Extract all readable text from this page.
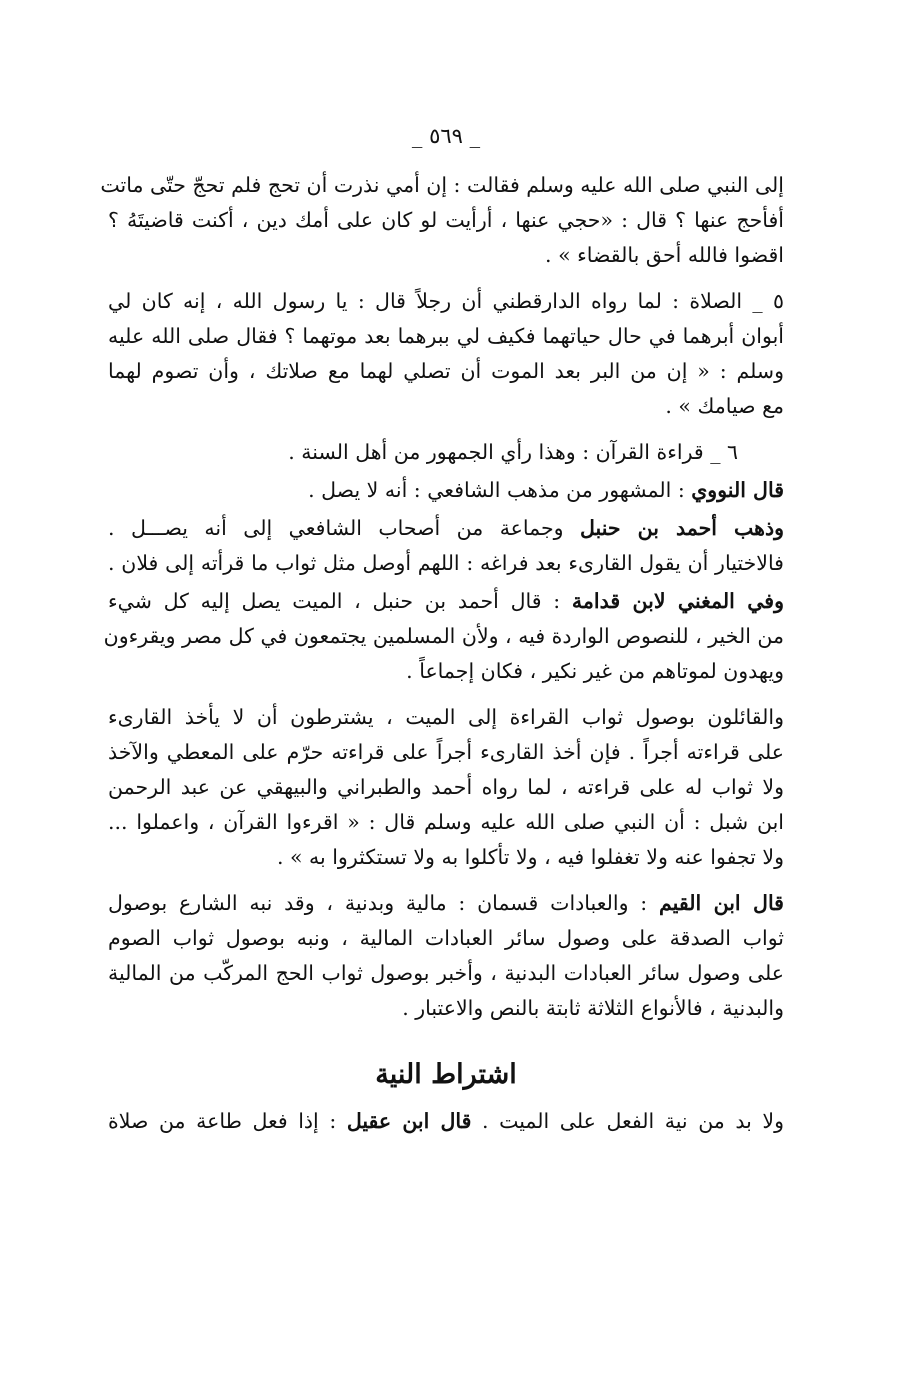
_ ٥٦٩ _
إلى النبي صلى الله عليه وسلم فقالت : إن أمي نذرت أن تحج فلم تحجّ حتّى ماتت
أفأحج عنها ؟ قال : «حجي عنها ، أرأيت لو كان على أمك دين ، أكنت قاضيتَهُ ؟
اقضوا فالله أحق بالقضاء » .
٥ _ الصلاة : لما رواه الدارقطني أن رجلاً قال : يا رسول الله ، إنه كان لي
أبوان أبرهما في حال حياتهما فكيف لي ببرهما بعد موتهما ؟ فقال صلى الله عليه
وسلم : « إن من البر بعد الموت أن تصلي لهما مع صلاتك ، وأن تصوم لهما
مع صيامك » .
٦ _ قراءة القرآن : وهذا رأي الجمهور من أهل السنة .
قال النووي : المشهور من مذهب الشافعي : أنه لا يصل .
وذهب أحمد بن حنبل وجماعة من أصحاب الشافعي إلى أنه يصـــل .
فالاختيار أن يقول القارىء بعد فراغه : اللهم أوصل مثل ثواب ما قرأته إلى فلان .
وفي المغني لابن قدامة : قال أحمد بن حنبل ، الميت يصل إليه كل شيء
من الخير ، للنصوص الواردة فيه ، ولأن المسلمين يجتمعون في كل مصر ويقرءون
ويهدون لموتاهم من غير نكير ، فكان إجماعاً .
والقائلون بوصول ثواب القراءة إلى الميت ، يشترطون أن لا يأخذ القارىء
على قراءته أجراً . فإن أخذ القارىء أجراً على قراءته حرّم على المعطي والآخذ
ولا ثواب له على قراءته ، لما رواه أحمد والطبراني والبيهقي عن عبد الرحمن
ابن شبل : أن النبي صلى الله عليه وسلم قال : « اقرءوا القرآن ، واعملوا ...
ولا تجفوا عنه ولا تغفلوا فيه ، ولا تأكلوا به ولا تستكثروا به » .
قال ابن القيم : والعبادات قسمان : مالية وبدنية ، وقد نبه الشارع بوصول
ثواب الصدقة على وصول سائر العبادات المالية ، ونبه بوصول ثواب الصوم
على وصول سائر العبادات البدنية ، وأخبر بوصول ثواب الحج المركّب من المالية
والبدنية ، فالأنواع الثلاثة ثابتة بالنص والاعتبار .
اشتراط النية
ولا بد من نية الفعل على الميت . قال ابن عقيل : إذا فعل طاعة من صلاة
